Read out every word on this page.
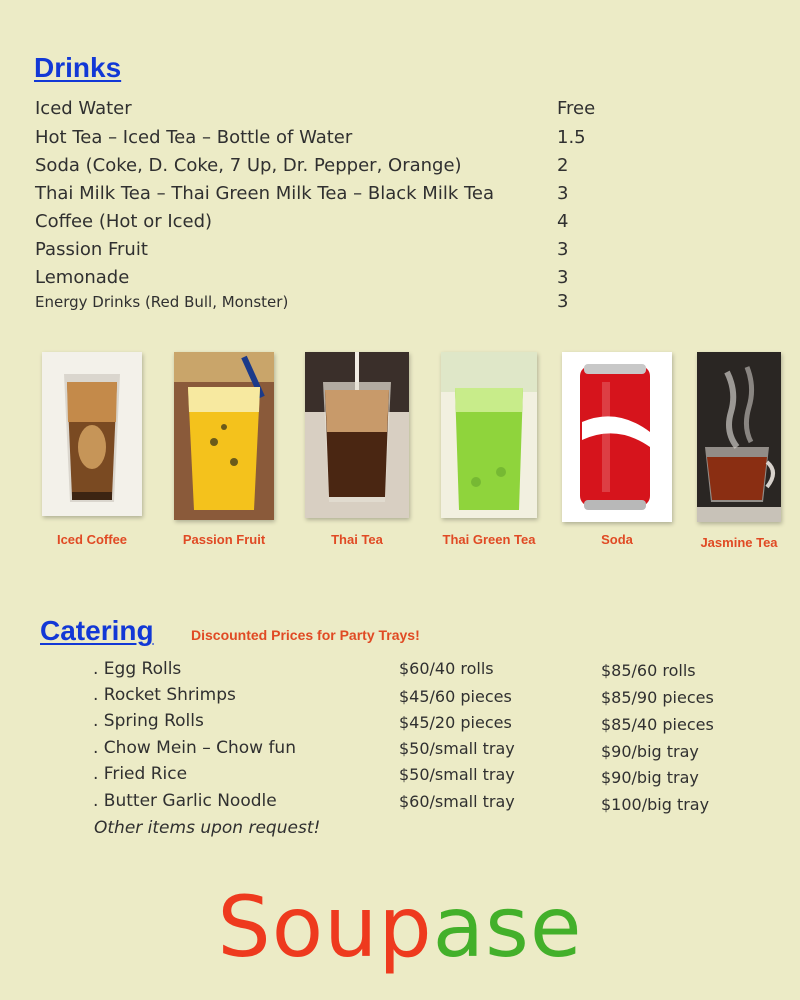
Drinks
Iced Water	Free
Hot Tea – Iced Tea – Bottle of Water	1.5
Soda (Coke, D. Coke, 7 Up, Dr. Pepper, Orange)	2
Thai Milk Tea – Thai Green Milk Tea – Black Milk Tea	3
Coffee (Hot or Iced)	4
Passion Fruit	3
Lemonade	3
Energy Drinks (Red Bull, Monster)	3
Iced Coffee	Passion Fruit	Thai Tea	Thai Green Tea	Soda	Jasmine Tea
Catering	Discounted Prices for Party Trays!
. Egg Rolls	$60/40 rolls	$85/60 rolls
. Rocket Shrimps	$45/60 pieces	$85/90 pieces
. Spring Rolls	$45/20 pieces	$85/40 pieces
. Chow Mein – Chow fun	$50/small tray	$90/big tray
. Fried Rice	$50/small tray	$90/big tray
. Butter Garlic Noodle	$60/small tray	$100/big tray
Other items upon request!
Soupase
